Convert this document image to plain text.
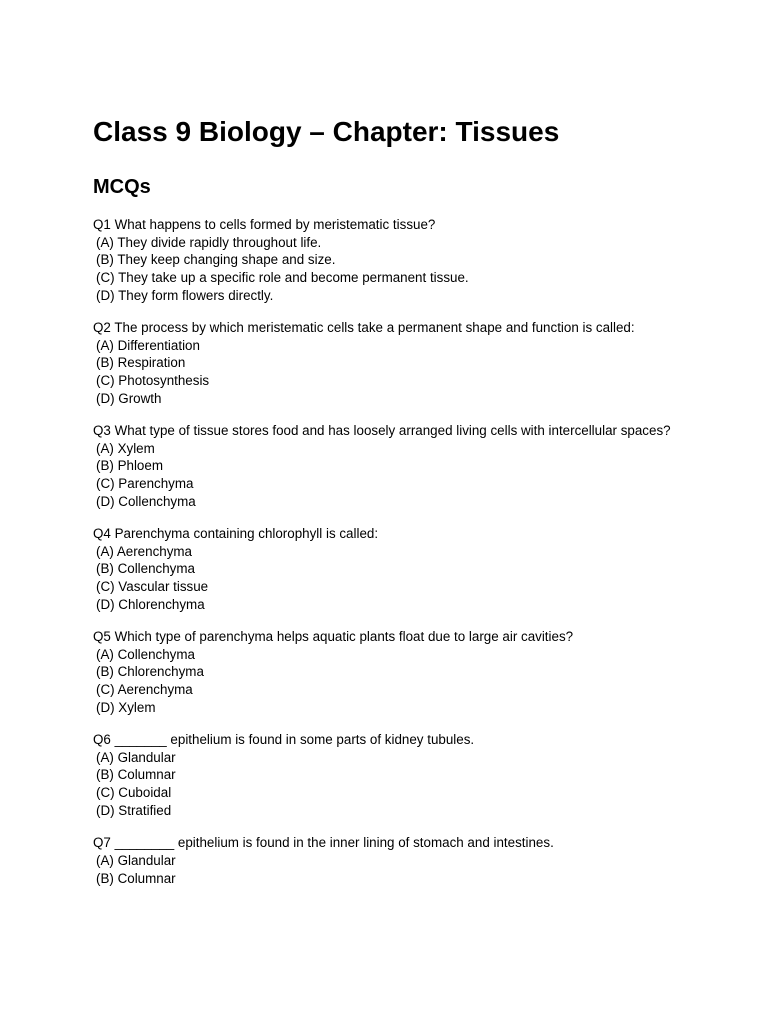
Class 9 Biology – Chapter: Tissues
MCQs
Q1 What happens to cells formed by meristematic tissue?
(A) They divide rapidly throughout life.
(B) They keep changing shape and size.
(C) They take up a specific role and become permanent tissue.
(D) They form flowers directly.
Q2 The process by which meristematic cells take a permanent shape and function is called:
(A) Differentiation
(B) Respiration
(C) Photosynthesis
(D) Growth
Q3 What type of tissue stores food and has loosely arranged living cells with intercellular spaces?
(A) Xylem
(B) Phloem
(C) Parenchyma
(D) Collenchyma
Q4 Parenchyma containing chlorophyll is called:
(A) Aerenchyma
(B) Collenchyma
(C) Vascular tissue
(D) Chlorenchyma
Q5 Which type of parenchyma helps aquatic plants float due to large air cavities?
(A) Collenchyma
(B) Chlorenchyma
(C) Aerenchyma
(D) Xylem
Q6 _______ epithelium is found in some parts of kidney tubules.
(A) Glandular
(B) Columnar
(C) Cuboidal
(D) Stratified
Q7 ________ epithelium is found in the inner lining of stomach and intestines.
(A) Glandular
(B) Columnar
